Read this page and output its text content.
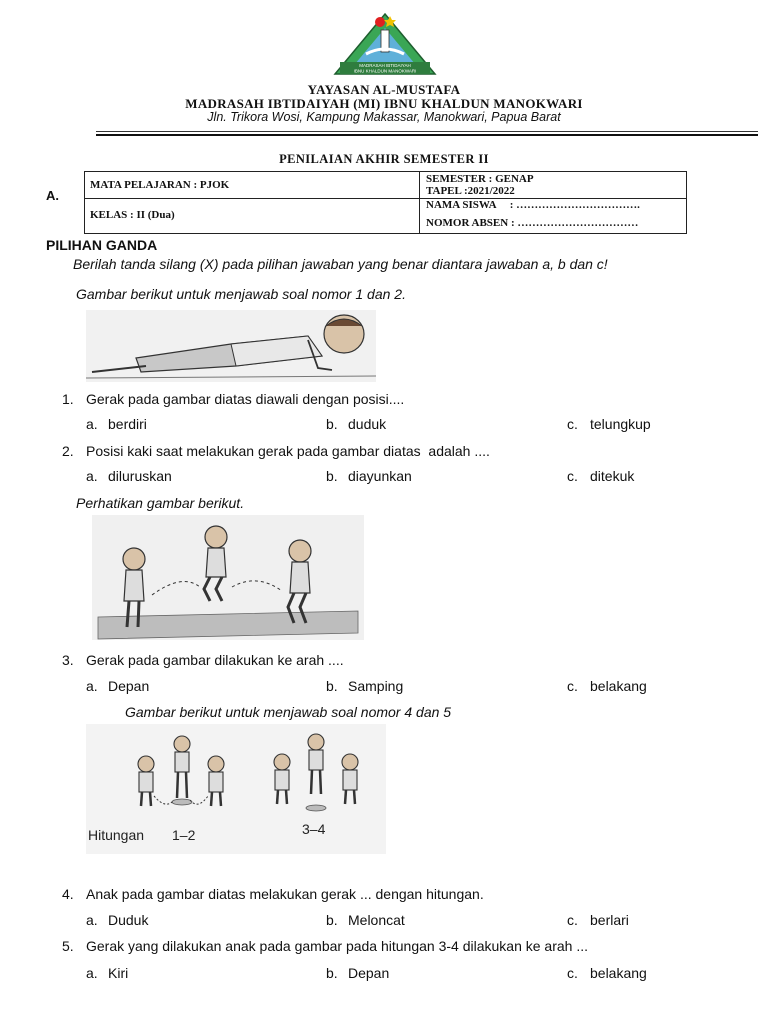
MADRASAH IBTIDAIYAH
IBNU KHALDUN MANOKWARI
YAYASAN AL-MUSTAFA
MADRASAH IBTIDAIYAH (MI) IBNU KHALDUN MANOKWARI
Jln. Trikora Wosi, Kampung Makassar, Manokwari, Papua Barat
PENILAIAN AKHIR SEMESTER II
A.
MATA PELAJARAN : PJOK	SEMESTER : GENAP
TAPEL :2021/2022
KELAS : II (Dua)
NAMA SISWA     : …………………………….
NOMOR ABSEN : ……………………………
PILIHAN GANDA
Berilah tanda silang (X) pada pilihan jawaban yang benar diantara jawaban a, b dan c!
Gambar berikut untuk menjawab soal nomor 1 dan 2.
1. Gerak pada gambar diatas diawali dengan posisi....
a. berdiri	b. duduk	c. telungkup
2. Posisi kaki saat melakukan gerak pada gambar diatas  adalah ....
a. diluruskan	b. diayunkan	c. ditekuk
Perhatikan gambar berikut.
3. Gerak pada gambar dilakukan ke arah ....
a. Depan	b. Samping	c. belakang
Gambar berikut untuk menjawab soal nomor 4 dan 5
Hitungan 1–2	3–4
4. Anak pada gambar diatas melakukan gerak ... dengan hitungan.
a. Duduk	b. Meloncat	c. berlari
5. Gerak yang dilakukan anak pada gambar pada hitungan 3-4 dilakukan ke arah ...
a. Kiri	b. Depan	c. belakang
